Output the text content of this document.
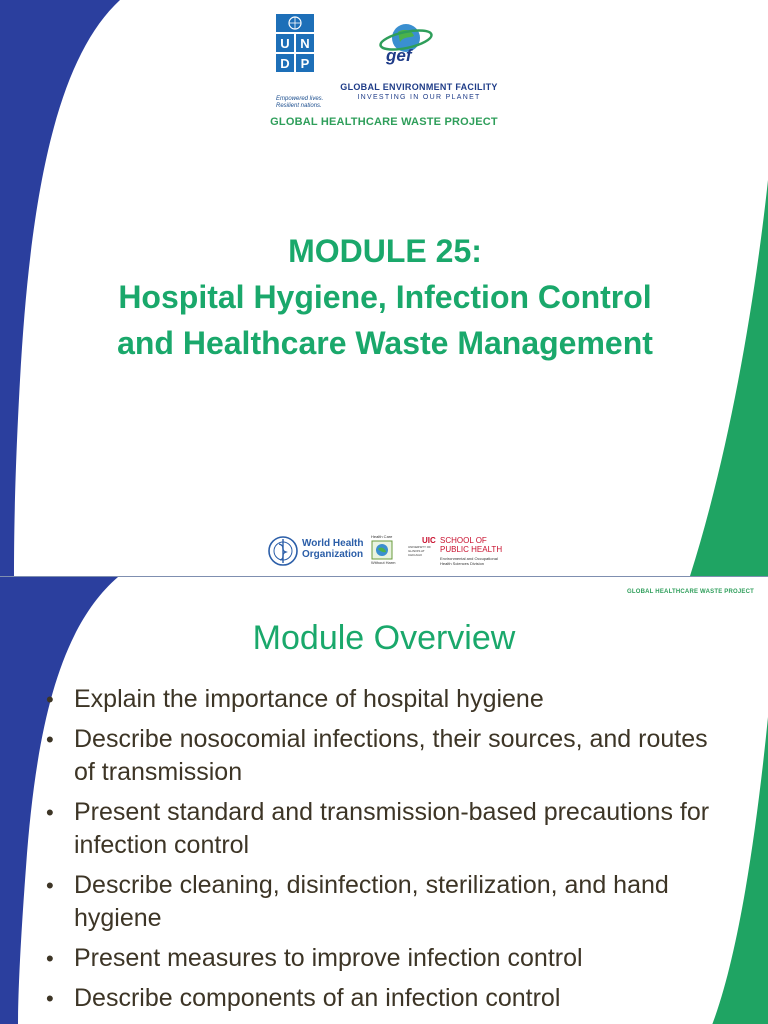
U N
D P
Empowered lives.
Resilient nations.
gef
GLOBAL ENVIRONMENT FACILITY
INVESTING IN OUR PLANET
GLOBAL HEALTHCARE WASTE PROJECT
MODULE 25:
Hospital Hygiene, Infection Control
and Healthcare Waste Management
World Health
Organization
Health Care
Without Harm
UIC
UNIVERSITY OF ILLINOIS AT CHICAGO
SCHOOL OF
PUBLIC HEALTH
Environmental and Occupational Health Sciences Division
GLOBAL HEALTHCARE WASTE PROJECT
Module Overview
• Explain the importance of hospital hygiene
• Describe nosocomial infections, their sources, and routes of transmission
• Present standard and transmission-based precautions for infection control
• Describe cleaning, disinfection, sterilization, and hand hygiene
• Present measures to improve infection control
• Describe components of an infection control
